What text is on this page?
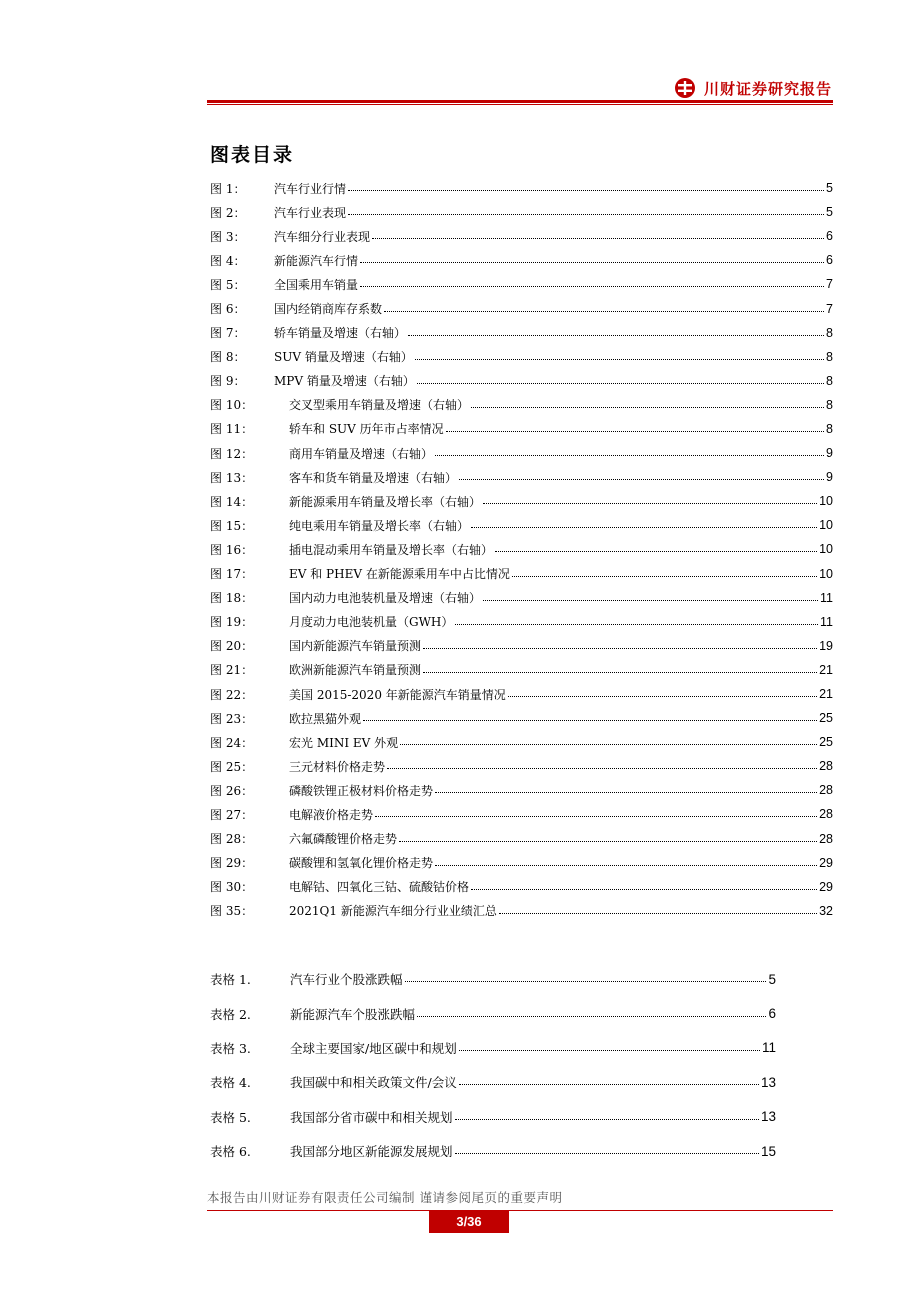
川财证券研究报告
图表目录
图 1：	汽车行业行情	5
图 2：	汽车行业表现	5
图 3：	汽车细分行业表现	6
图 4：	新能源汽车行情	6
图 5：	全国乘用车销量	7
图 6：	国内经销商库存系数	7
图 7：	轿车销量及增速（右轴）	8
图 8：	SUV 销量及增速（右轴）	8
图 9：	MPV 销量及增速（右轴）	8
图 10：	交叉型乘用车销量及增速（右轴）	8
图 11：	轿车和 SUV 历年市占率情况	8
图 12：	商用车销量及增速（右轴）	9
图 13：	客车和货车销量及增速（右轴）	9
图 14：	新能源乘用车销量及增长率（右轴）	10
图 15：	纯电乘用车销量及增长率（右轴）	10
图 16：	插电混动乘用车销量及增长率（右轴）	10
图 17：	EV 和 PHEV 在新能源乘用车中占比情况	10
图 18：	国内动力电池装机量及增速（右轴）	11
图 19：	月度动力电池装机量（GWH）	11
图 20：	国内新能源汽车销量预测	19
图 21：	欧洲新能源汽车销量预测	21
图 22：	美国 2015-2020 年新能源汽车销量情况	21
图 23：	欧拉黑猫外观	25
图 24：	宏光 MINI EV 外观	25
图 25：	三元材料价格走势	28
图 26：	磷酸铁锂正极材料价格走势	28
图 27：	电解液价格走势	28
图 28：	六氟磷酸锂价格走势	28
图 29：	碳酸锂和氢氧化锂价格走势	29
图 30：	电解钴、四氧化三钴、硫酸钴价格	29
图 35：	2021Q1 新能源汽车细分行业业绩汇总	32
表格 1.	汽车行业个股涨跌幅	5
表格 2.	新能源汽车个股涨跌幅	6
表格 3.	全球主要国家/地区碳中和规划	11
表格 4.	我国碳中和相关政策文件/会议	13
表格 5.	我国部分省市碳中和相关规划	13
表格 6.	我国部分地区新能源发展规划	15
本报告由川财证券有限责任公司编制 谨请参阅尾页的重要声明
3/36
